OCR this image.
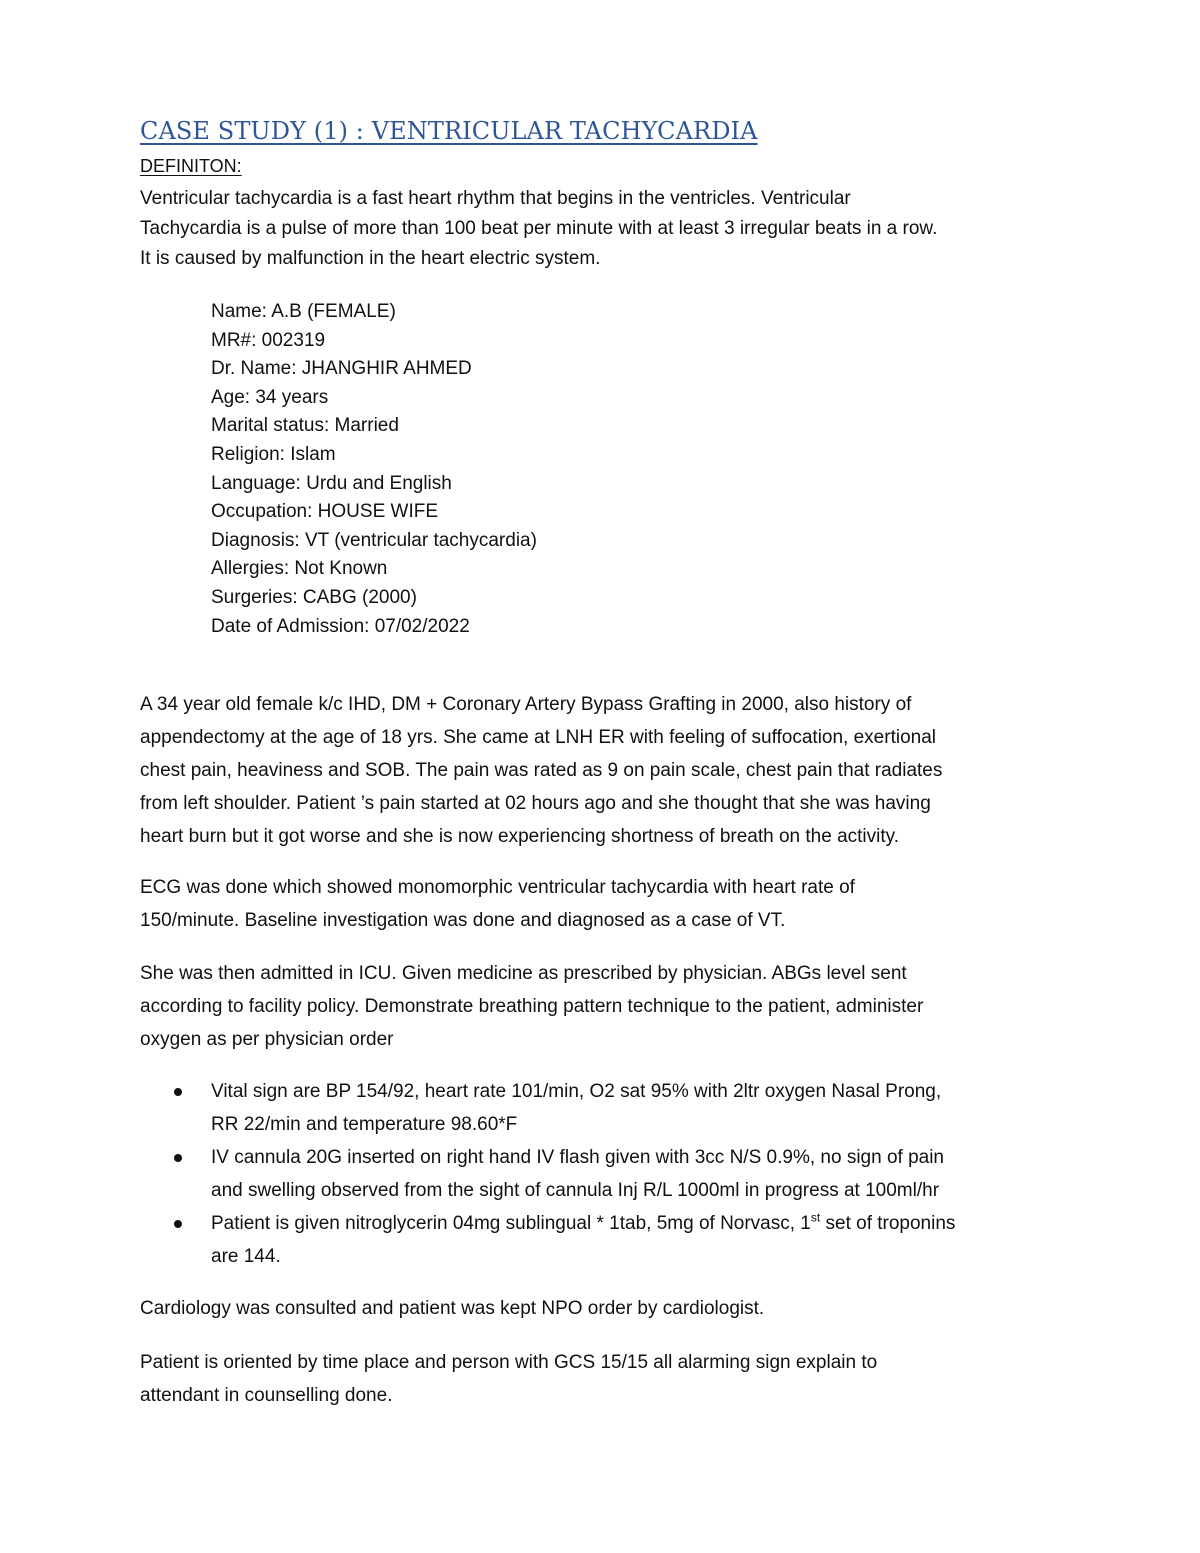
CASE STUDY (1) : VENTRICULAR TACHYCARDIA
DEFINITON:
Ventricular tachycardia is a fast heart rhythm that begins in the ventricles. Ventricular
Tachycardia is a pulse of more than 100 beat per minute with at least 3 irregular beats in a row.
It is caused by malfunction in the heart electric system.
Name: A.B (FEMALE)
MR#: 002319
Dr. Name: JHANGHIR AHMED
Age: 34 years
Marital status: Married
Religion: Islam
Language: Urdu and English
Occupation: HOUSE WIFE
Diagnosis: VT (ventricular tachycardia)
Allergies: Not Known
Surgeries: CABG (2000)
Date of Admission: 07/02/2022
A 34 year old female k/c IHD, DM + Coronary Artery Bypass Grafting in 2000, also history of
appendectomy at the age of 18 yrs. She came at LNH ER with feeling of suffocation, exertional
chest pain, heaviness and SOB. The pain was rated as 9 on pain scale, chest pain that radiates
from left shoulder. Patient ’s pain started at 02 hours ago and she thought that she was having
heart burn but it got worse and she is now experiencing shortness of breath on the activity.
ECG was done which showed monomorphic ventricular tachycardia with heart rate of
150/minute. Baseline investigation was done and diagnosed as a case of VT.
She was then admitted in ICU. Given medicine as prescribed by physician. ABGs level sent
according to facility policy. Demonstrate breathing pattern technique to the patient, administer
oxygen as per physician order
Vital sign are BP 154/92, heart rate 101/min, O2 sat 95% with 2ltr oxygen Nasal Prong,
RR 22/min and temperature 98.60*F
IV cannula 20G inserted on right hand IV flash given with 3cc N/S 0.9%, no sign of pain
and swelling observed from the sight of cannula Inj R/L 1000ml in progress at 100ml/hr
Patient is given nitroglycerin 04mg sublingual * 1tab, 5mg of Norvasc, 1st set of troponins
are 144.
Cardiology was consulted and patient was kept NPO order by cardiologist.
Patient is oriented by time place and person with GCS 15/15 all alarming sign explain to
attendant in counselling done.
